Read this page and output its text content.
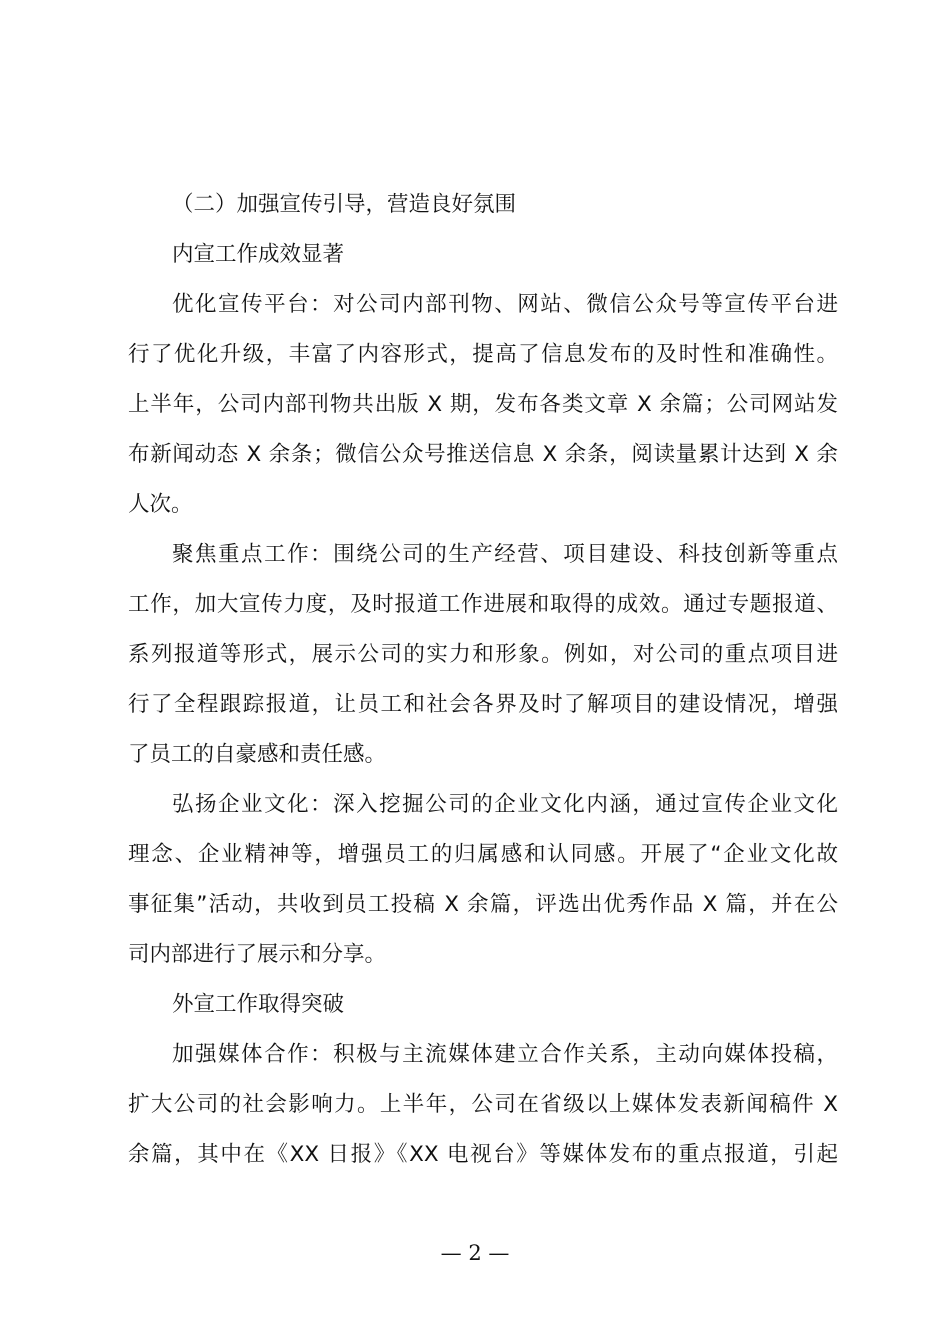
（二）加强宣传引导，营造良好氛围
内宣工作成效显著
优化宣传平台：对公司内部刊物、网站、微信公众号等宣传平台进
行了优化升级，丰富了内容形式，提高了信息发布的及时性和准确性。
上半年，公司内部刊物共出版 X 期，发布各类文章 X 余篇；公司网站发
布新闻动态 X 余条；微信公众号推送信息 X 余条，阅读量累计达到 X 余
人次。
聚焦重点工作：围绕公司的生产经营、项目建设、科技创新等重点
工作，加大宣传力度，及时报道工作进展和取得的成效。通过专题报道、
系列报道等形式，展示公司的实力和形象。例如，对公司的重点项目进
行了全程跟踪报道，让员工和社会各界及时了解项目的建设情况，增强
了员工的自豪感和责任感。
弘扬企业文化：深入挖掘公司的企业文化内涵，通过宣传企业文化
理念、企业精神等，增强员工的归属感和认同感。开展了“企业文化故
事征集”活动，共收到员工投稿 X 余篇，评选出优秀作品 X 篇，并在公
司内部进行了展示和分享。
外宣工作取得突破
加强媒体合作：积极与主流媒体建立合作关系，主动向媒体投稿，
扩大公司的社会影响力。上半年，公司在省级以上媒体发表新闻稿件 X
余篇，其中在《XX 日报》《XX 电视台》等媒体发布的重点报道，引起
— 2 —
